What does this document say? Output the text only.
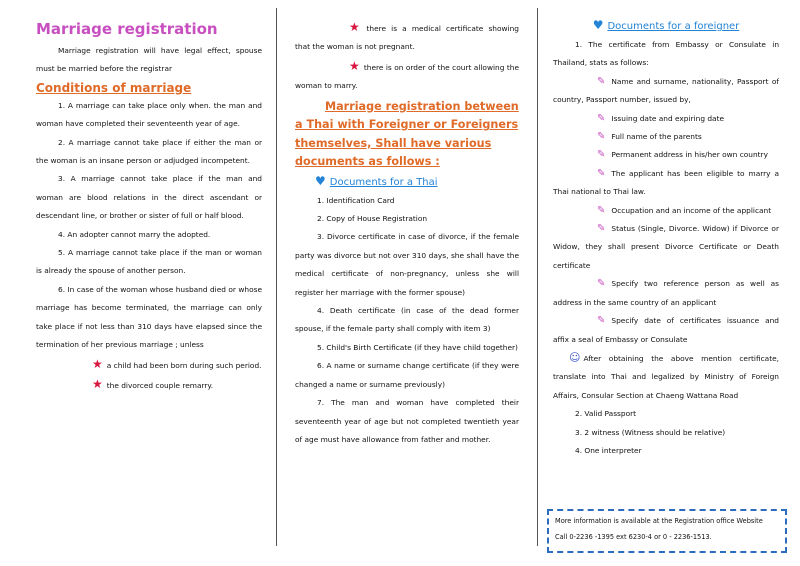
Marriage registration

Marriage registration will have legal effect, spouse must be married before the registrar

Conditions of marriage

1. A marriage can take place only when. the man and woman have completed their seventeenth year of age.

2. A marriage cannot take place if either the man or the woman is an insane person or adjudged incompetent.

3. A marriage cannot take place if the man and woman are blood relations in the direct ascendant or descendant line, or brother or sister of full or half blood.

4. An adopter cannot marry the adopted.

5. A marriage cannot take place if the man or woman is already the spouse of another person.

6. In case of the woman whose husband died or whose marriage has become terminated, the marriage can only take place if not less than 310 days have elapsed since the termination of her previous marriage ; unless

★ a child had been born during such period.

★ the divorced couple remarry.

★ there is a medical certificate showing that the woman is not pregnant.

★ there is on order of the court allowing the woman to marry.

Marriage registration between a Thai with Foreigner or Foreigners themselves, Shall have various documents as follows :

♥ Documents for a Thai

1. Identification Card

2. Copy of House Registration

3. Divorce certificate in case of divorce, if the female party was divorce but not over 310 days, she shall have the medical certificate of non-pregnancy, unless she will register her marriage with the former spouse)

4. Death certificate (in case of the dead former spouse, if the female party shall comply with item 3)

5. Child's Birth Certificate (if they have child together)

6. A name or surname change certificate (if they were changed a name or surname previously)

7. The man and woman have completed their seventeenth year of age but not completed twentieth year of age must have allowance from father and mother.

♥ Documents for a foreigner

1. The certificate from Embassy or Consulate in Thailand, stats as follows:

✎ Name and surname, nationality, Passport of country, Passport number, issued by,

✎ Issuing date and expiring date

✎ Full name of the parents

✎ Permanent address in his/her own country

✎ The applicant has been eligible to marry a Thai national to Thai law.

✎ Occupation and an income of the applicant

✎ Status (Single, Divorce. Widow) if Divorce or Widow, they shall present Divorce Certificate or Death certificate

✎ Specify two reference person as well as address in the same country of an applicant

✎ Specify date of certificates issuance and affix a seal of Embassy or Consulate

☺ After obtaining the above mention certificate, translate into Thai and legalized by Ministry of Foreign Affairs, Consular Section at Chaeng Wattana Road

2. Valid Passport

3. 2 witness (Witness should be relative)

4. One interpreter

More information is available at the Registration office Website
Call 0-2236 -1395 ext 6230-4 or 0 - 2236-1513.
